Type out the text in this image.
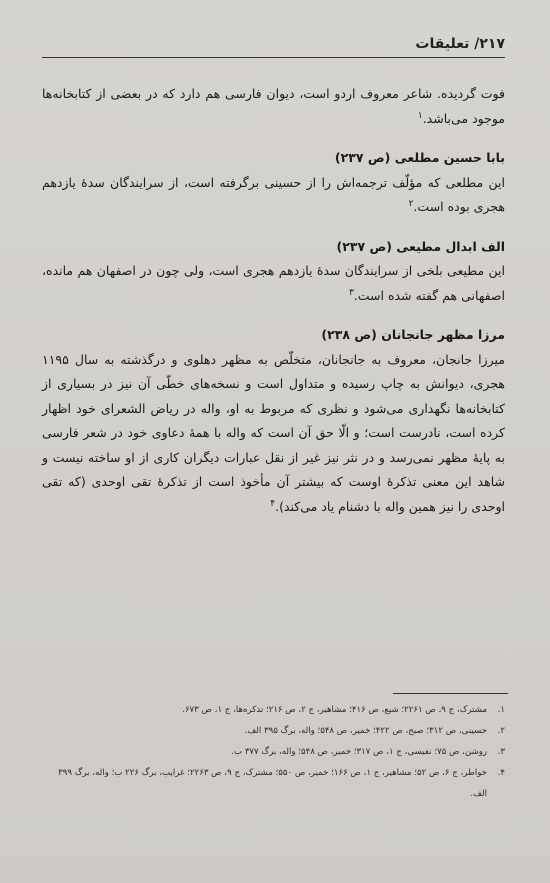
۲۱۷/ تعلیقات

فوت گردیده. شاعر معروف اردو است، دیوان فارسی هم دارد که در بعضی از کتابخانه‌ها موجود می‌باشد.$^۱$

بابا حسین مطلعی (ص ۲۳۷)

این مطلعی که مؤلّف ترجمه‌اش را از حسینی برگرفته است، از سرایندگان سدهٔ یازدهم هجری بوده است.$^۲$

الف ابدال مطیعی (ص ۲۳۷)

این مطیعی بلخی از سرایندگان سدهٔ یازدهم هجری است، ولی چون در اصفهان هم مانده، اصفهانی هم گفته شده است.$^۳$

مرزا مظهر جانجانان (ص ۲۳۸)

میرزا جانجان، معروف به جانجانان، متخلّص به مظهر دهلوی و درگذشته به سال ۱۱۹۵ هجری، دیوانش به چاپ رسیده و متداول است و نسخه‌های خطّی آن نیز در بسیاری از کتابخانه‌ها نگهداری می‌شود و نظری که مربوط به او، واله در ریاض الشعرای خود اظهار کرده است، نادرست است؛ و الّا حق آن است که واله با همهٔ دعاوی خود در شعر فارسی به پایهٔ مظهر نمی‌رسد و در نثر نیز غیر از نقل عبارات دیگران کاری از او ساخته نیست و شاهد این معنی تذکرهٔ اوست که بیشتر آن مأخوذ است از تذکرهٔ تقی اوحدی (که تقی اوحدی را نیز همین واله با دشنام یاد می‌کند).$^۴$

۱.
مشترک، ج ۹، ص ۲۲۶۱؛ شیع، ص ۴۱۶؛ مشاهیر، ج ۲، ص ۲۱۶؛ تذکره‌ها، ج ۱، ص ۶۷۳.
۲.
حسینی، ص ۳۱۲؛ صبح، ص ۴۲۲؛ خمیر، ص ۵۴۸؛ واله، برگ ۳۹۵ الف.
۳.
روشن، ص ۷۵؛ نفیسی، ج ۱، ص ۳۱۷؛ خمیر، ص ۵۴۸؛ واله، برگ ۳۷۷ ب.
۴.
خواطر، ج ۶، ص ۵۲؛ مشاهیر، ج ۱، ص ۱۶۶؛ خمیر، ص ۵۵۰؛ مشترک، ج ۹، ص ۲۲۶۳؛ غرایب، برگ ۲۲۶ ب؛ واله، برگ ۳۹۹ الف.
